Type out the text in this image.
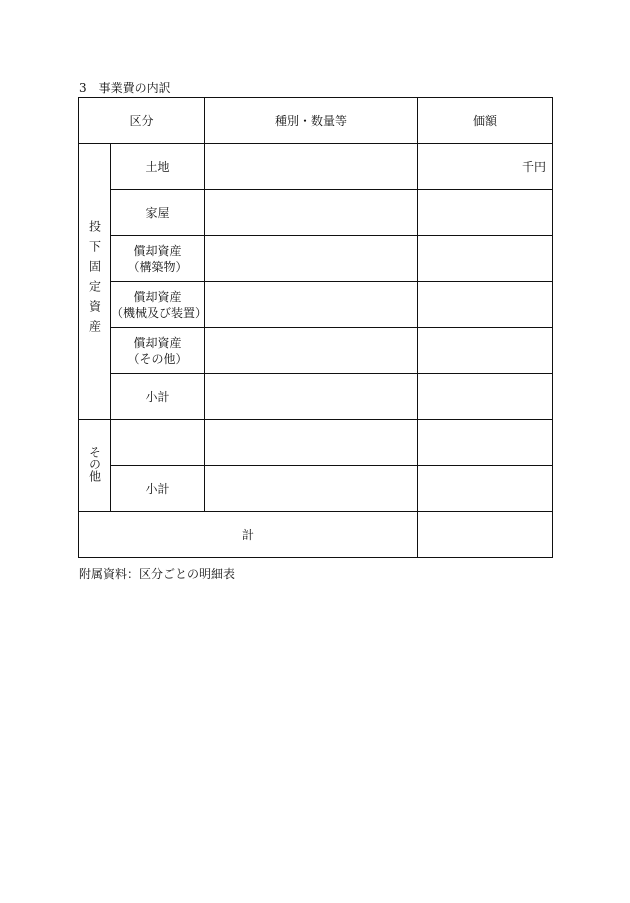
3　事業費の内訳
区分		種別・数量等	価額
投下固定資産	土地		千円
	家屋		
	償却資産
（構築物）		
	償却資産
（機械及び装置）		
	償却資産
（その他）		
	小計		
その他			
	小計		
計			
附属資料：区分ごとの明細表
